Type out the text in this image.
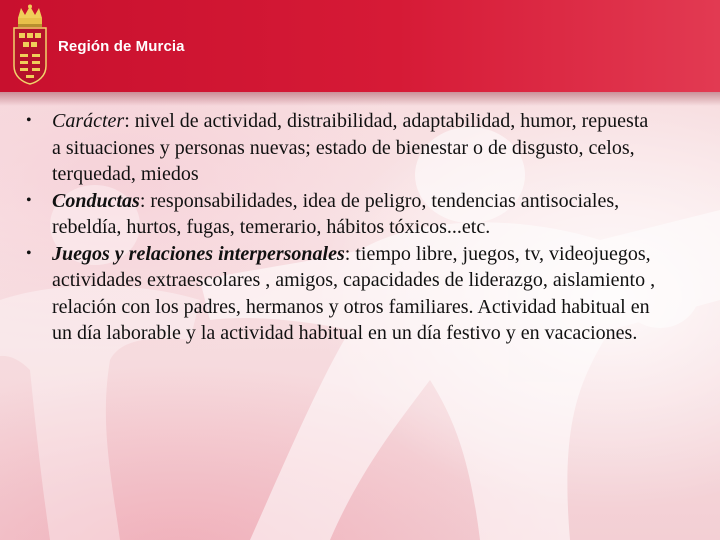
Región de Murcia
• Carácter: nivel de actividad, distraibilidad, adaptabilidad, humor, repuesta a situaciones y personas nuevas; estado de bienestar o de disgusto, celos, terquedad, miedos
• Conductas: responsabilidades, idea de peligro, tendencias antisociales, rebeldía, hurtos, fugas, temerario, hábitos tóxicos...etc.
• Juegos y relaciones interpersonales: tiempo libre, juegos, tv, videojuegos, actividades extraescolares , amigos, capacidades de liderazgo, aislamiento , relación con los padres, hermanos y otros familiares. Actividad habitual en un día laborable y la actividad habitual en un día festivo y en vacaciones.
